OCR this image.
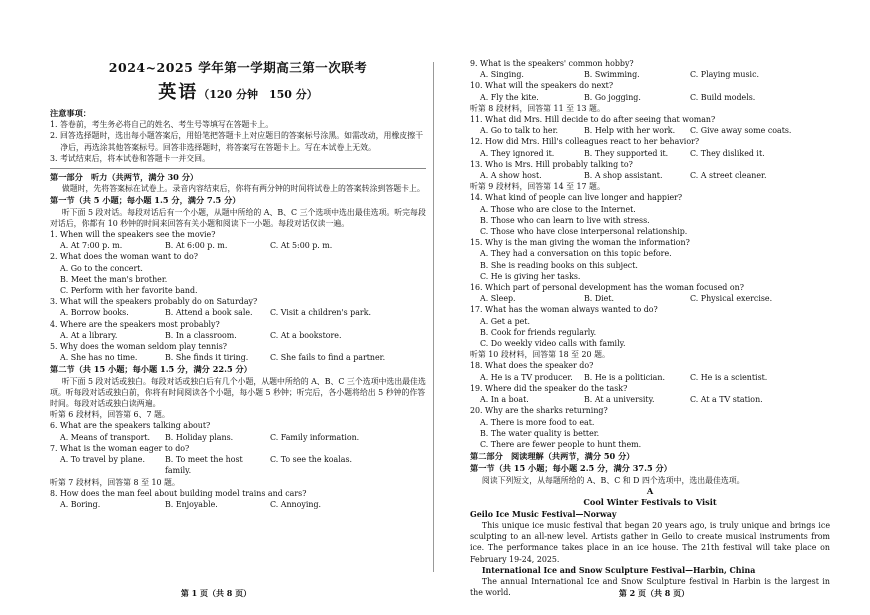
2024~2025 学年第一学期高三第一次联考
英语（120 分钟　150 分）
注意事项：
1. 答卷前，考生务必将自己的姓名、考生号等填写在答题卡上。
2. 回答选择题时，选出每小题答案后，用铅笔把答题卡上对应题目的答案标号涂黑。如需改动，用橡皮擦干净后，再选涂其他答案标号。回答非选择题时，将答案写在答题卡上。写在本试卷上无效。
3. 考试结束后，将本试卷和答题卡一并交回。
第一部分　听力（共两节，满分 30 分）
做题时，先将答案标在试卷上。录音内容结束后，你将有两分钟的时间将试卷上的答案转涂到答题卡上。
第一节（共 5 小题；每小题 1.5 分，满分 7.5 分）
听下面 5 段对话。每段对话后有一个小题，从题中所给的 A、B、C 三个选项中选出最佳选项。听完每段对话后，你都有 10 秒钟的时间来回答有关小题和阅读下一小题。每段对话仅读一遍。
1. When will the speakers see the movie?
A. At 7:00 p. m.	B. At 6:00 p. m.	C. At 5:00 p. m.
2. What does the woman want to do?
A. Go to the concert.
B. Meet the man's brother.
C. Perform with her favorite band.
3. What will the speakers probably do on Saturday?
A. Borrow books.	B. Attend a book sale.	C. Visit a children's park.
4. Where are the speakers most probably?
A. At a library.	B. In a classroom.	C. At a bookstore.
5. Why does the woman seldom play tennis?
A. She has no time.	B. She finds it tiring.	C. She fails to find a partner.
第二节（共 15 小题；每小题 1.5 分，满分 22.5 分）
听下面 5 段对话或独白。每段对话或独白后有几个小题，从题中所给的 A、B、C 三个选项中选出最佳选项。听每段对话或独白前，你将有时间阅读各个小题，每小题 5 秒钟；听完后，各小题将给出 5 秒钟的作答时间。每段对话或独白读两遍。
听第 6 段材料，回答第 6、7 题。
6. What are the speakers talking about?
A. Means of transport.	B. Holiday plans.	C. Family information.
7. What is the woman eager to do?
A. To travel by plane.	B. To meet the host family.
C. To see the koalas.
听第 7 段材料，回答第 8 至 10 题。
8. How does the man feel about building model trains and cars?
A. Boring.	B. Enjoyable.	C. Annoying.
第 1 页（共 8 页）
9. What is the speakers' common hobby?
A. Singing.	B. Swimming.	C. Playing music.
10. What will the speakers do next?
A. Fly the kite.	B. Go jogging.	C. Build models.
听第 8 段材料，回答第 11 至 13 题。
11. What did Mrs. Hill decide to do after seeing that woman?
A. Go to talk to her.	B. Help with her work.	C. Give away some coats.
12. How did Mrs. Hill's colleagues react to her behavior?
A. They ignored it.	B. They supported it.	C. They disliked it.
13. Who is Mrs. Hill probably talking to?
A. A show host.	B. A shop assistant.	C. A street cleaner.
听第 9 段材料，回答第 14 至 17 题。
14. What kind of people can live longer and happier?
A. Those who are close to the Internet.
B. Those who can learn to live with stress.
C. Those who have close interpersonal relationship.
15. Why is the man giving the woman the information?
A. They had a conversation on this topic before.
B. She is reading books on this subject.
C. He is giving her tasks.
16. Which part of personal development has the woman focused on?
A. Sleep.	B. Diet.	C. Physical exercise.
17. What has the woman always wanted to do?
A. Get a pet.
B. Cook for friends regularly.
C. Do weekly video calls with family.
听第 10 段材料，回答第 18 至 20 题。
18. What does the speaker do?
A. He is a TV producer.	B. He is a politician.	C. He is a scientist.
19. Where did the speaker do the task?
A. In a boat.	B. At a university.	C. At a TV station.
20. Why are the sharks returning?
A. There is more food to eat.
B. The water quality is better.
C. There are fewer people to hunt them.
第二部分　阅读理解（共两节，满分 50 分）
第一节（共 15 小题；每小题 2.5 分，满分 37.5 分）
阅读下列短文，从每题所给的 A、B、C 和 D 四个选项中，选出最佳选项。
A
Cool Winter Festivals to Visit
Geilo Ice Music Festival—Norway
This unique ice music festival that began 20 years ago, is truly unique and brings ice sculpting to an all-new level. Artists gather in Geilo to create musical instruments from ice. The performance takes place in an ice house. The 21th festival will take place on February 19-24, 2025.
International Ice and Snow Sculpture Festival—Harbin, China
The annual International Ice and Snow Sculpture festival in Harbin is the largest in the world.	第 2 页（共 8 页）
